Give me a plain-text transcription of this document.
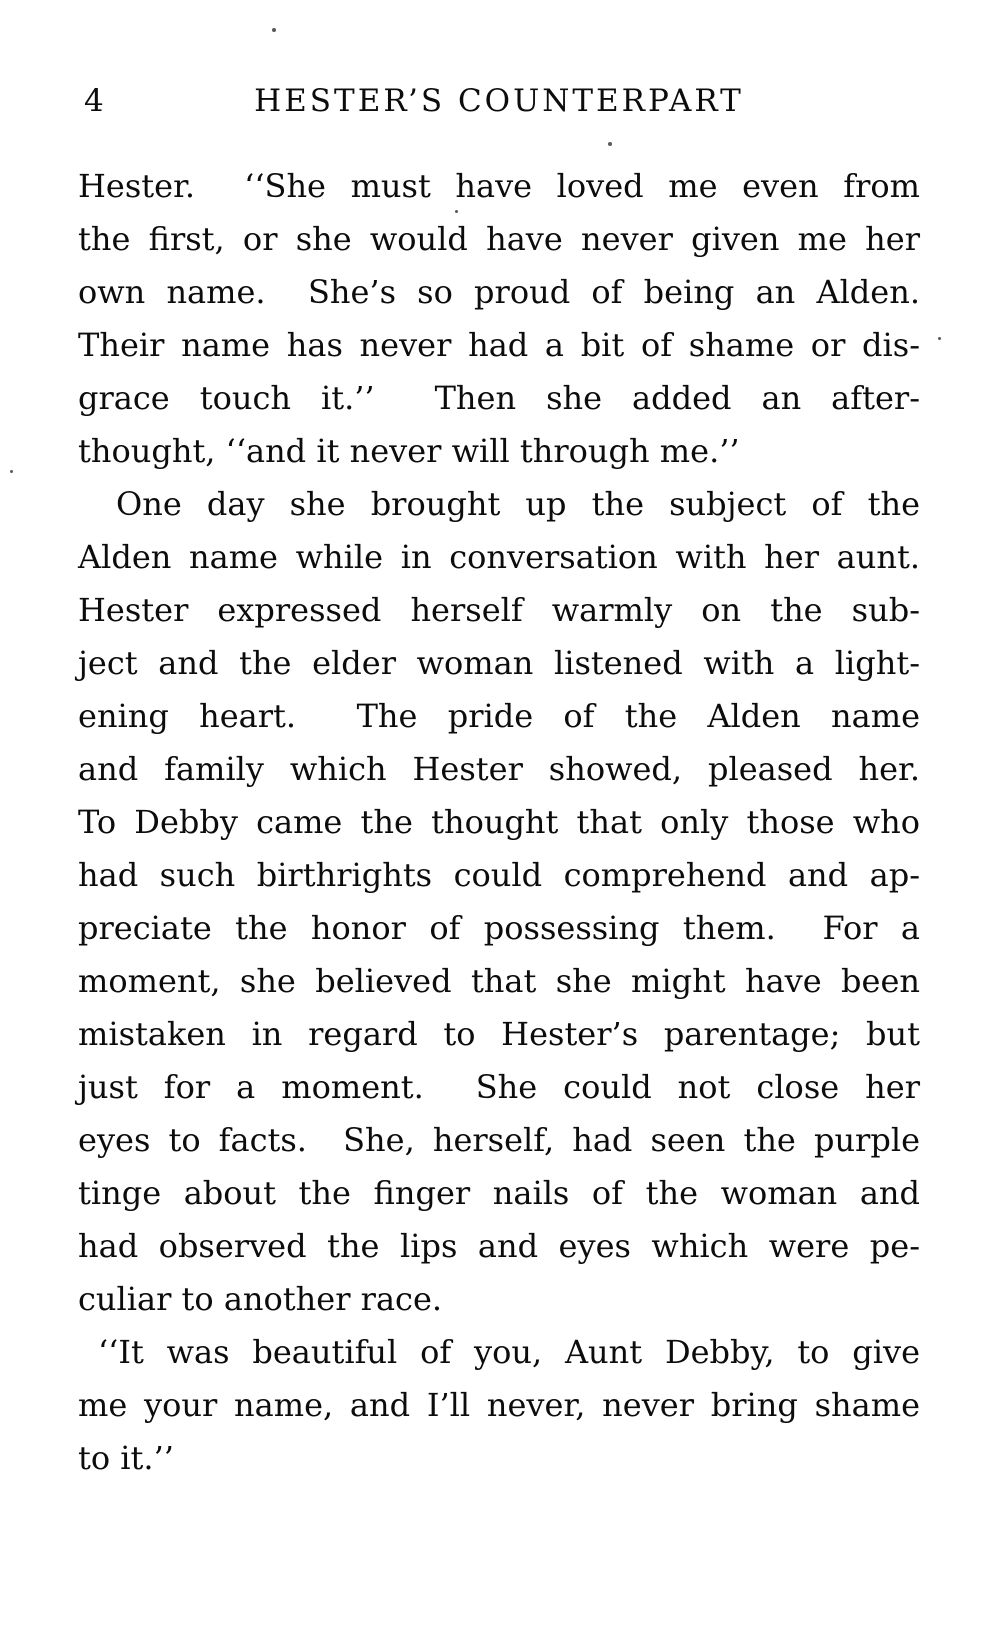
4	HESTER’S COUNTERPART
Hester.  ‘‘She must have loved me even from
the first, or she would have never given me her
own name.  She’s so proud of being an Alden.
Their name has never had a bit of shame or dis-
grace touch it.’’  Then she added an after-
thought, ‘‘and it never will through me.’’
One day she brought up the subject of the
Alden name while in conversation with her aunt.
Hester expressed herself warmly on the sub-
ject and the elder woman listened with a light-
ening heart.  The pride of the Alden name
and family which Hester showed, pleased her.
To Debby came the thought that only those who
had such birthrights could comprehend and ap-
preciate the honor of possessing them.  For a
moment, she believed that she might have been
mistaken in regard to Hester’s parentage; but
just for a moment.  She could not close her
eyes to facts.  She, herself, had seen the purple
tinge about the finger nails of the woman and
had observed the lips and eyes which were pe-
culiar to another race.
‘‘It was beautiful of you, Aunt Debby, to give
me your name, and I’ll never, never bring shame
to it.’’
